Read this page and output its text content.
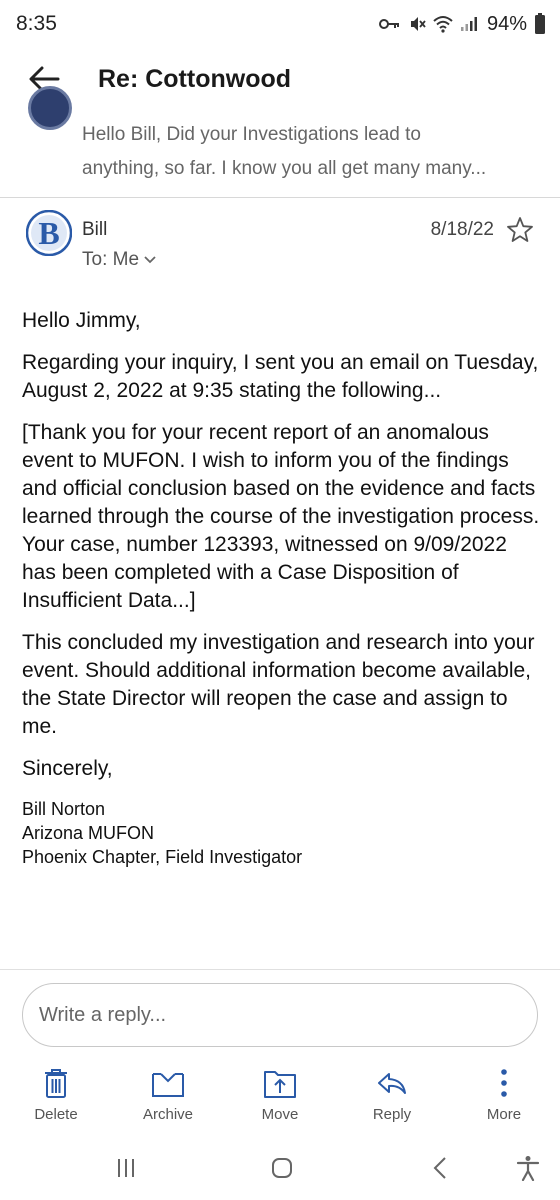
8:35	94%
Re: Cottonwood
Hello Bill, Did your Investigations lead to
anything, so far. I know you all get many many...
B Bill
To: Me
8/18/22

Hello Jimmy,

Regarding your inquiry, I sent you an email on Tuesday, August 2, 2022 at 9:35 stating the following...

[Thank you for your recent report of an anomalous event to MUFON. I wish to inform you of the findings and official conclusion based on the evidence and facts learned through the course of the investigation process. Your case, number 123393, witnessed on 9/09/2022 has been completed with a Case Disposition of Insufficient Data...]

This concluded my investigation and research into your event. Should additional information become available, the State Director will reopen the case and assign to me.

Sincerely,

Bill Norton
Arizona MUFON
Phoenix Chapter, Field Investigator
Write a reply...
Delete	Archive	Move	Reply	More
